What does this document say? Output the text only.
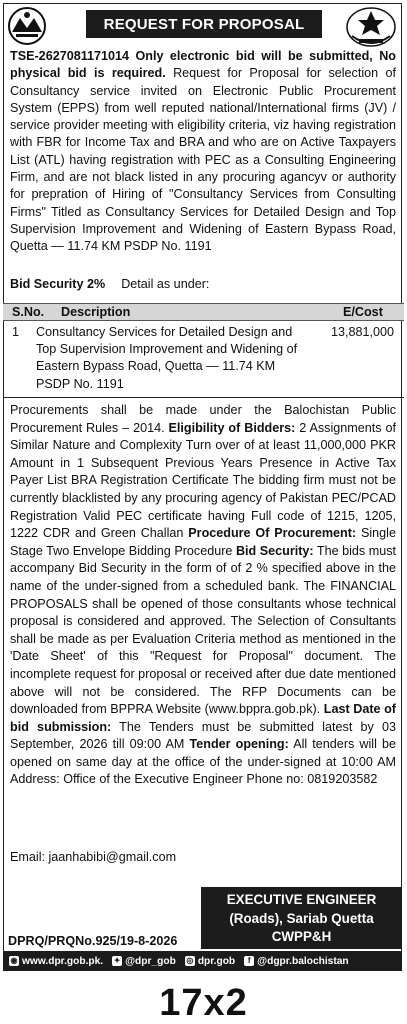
REQUEST FOR PROPOSAL

TSE-2627081171014 Only electronic bid will be submitted, No physical bid is required. Request for Proposal for selection of Consultancy service invited on Electronic Public Procurement System (EPPS) from well reputed national/International firms (JV) / service provider meeting with eligibility criteria, viz having registration with FBR for Income Tax and BRA and who are on Active Taxpayers List (ATL) having registration with PEC as a Consulting Engineering Firm, and are not black listed in any procuring agancyv or authority for prepration of Hiring of "Consultancy Services from Consulting Firms" Titled as Consultancy Services for Detailed Design and Top Supervision Improvement and Widening of Eastern Bypass Road, Quetta — 11.74 KM PSDP No. 1191

Bid Security 2% Detail as under:
S.No. Description	E/Cost
1 Consultancy Services for Detailed Design and Top Supervision Improvement and Widening of Eastern Bypass Road, Quetta — 11.74 KM PSDP No. 1191
13,881,000

Procurements shall be made under the Balochistan Public Procurement Rules – 2014. Eligibility of Bidders: 2 Assignments of Similar Nature and Complexity Turn over of at least 11,000,000 PKR Amount in 1 Subsequent Previous Years Presence in Active Tax Payer List BRA Registration Certificate The bidding firm must not be currently blacklisted by any procuring agency of Pakistan PEC/PCAD Registration Valid PEC certificate having Full code of 1215, 1205, 1222 CDR and Green Challan Procedure Of Procurement: Single Stage Two Envelope Bidding Procedure Bid Security: The bids must accompany Bid Security in the form of of 2 % specified above in the name of the under-signed from a scheduled bank. The FINANCIAL PROPOSALS shall be opened of those consultants whose technical proposal is considered and approved. The Selection of Consultants shall be made as per Evaluation Criteria method as mentioned in the 'Date Sheet' of this "Request for Proposal" document. The incomplete request for proposal or received after due date mentioned above will not be considered. The RFP Documents can be downloaded from BPPRA Website (www.bppra.gob.pk). Last Date of bid submission: The Tenders must be submitted latest by 03 September, 2026 till 09:00 AM Tender opening: All tenders will be opened on same day at the office of the under-signed at 10:00 AM Address: Office of the Executive Engineer Phone no: 0819203582

Email: jaanhabibi@gmail.com
EXECUTIVE ENGINEER
(Roads), Sariab Quetta
CWPP&H
DPRQ/PRQNo.925/19-8-2026
◉ www.dpr.gob.pk. ✦ @dpr_gob ◎ dpr.gob	f @dgpr.balochistan
17x2
